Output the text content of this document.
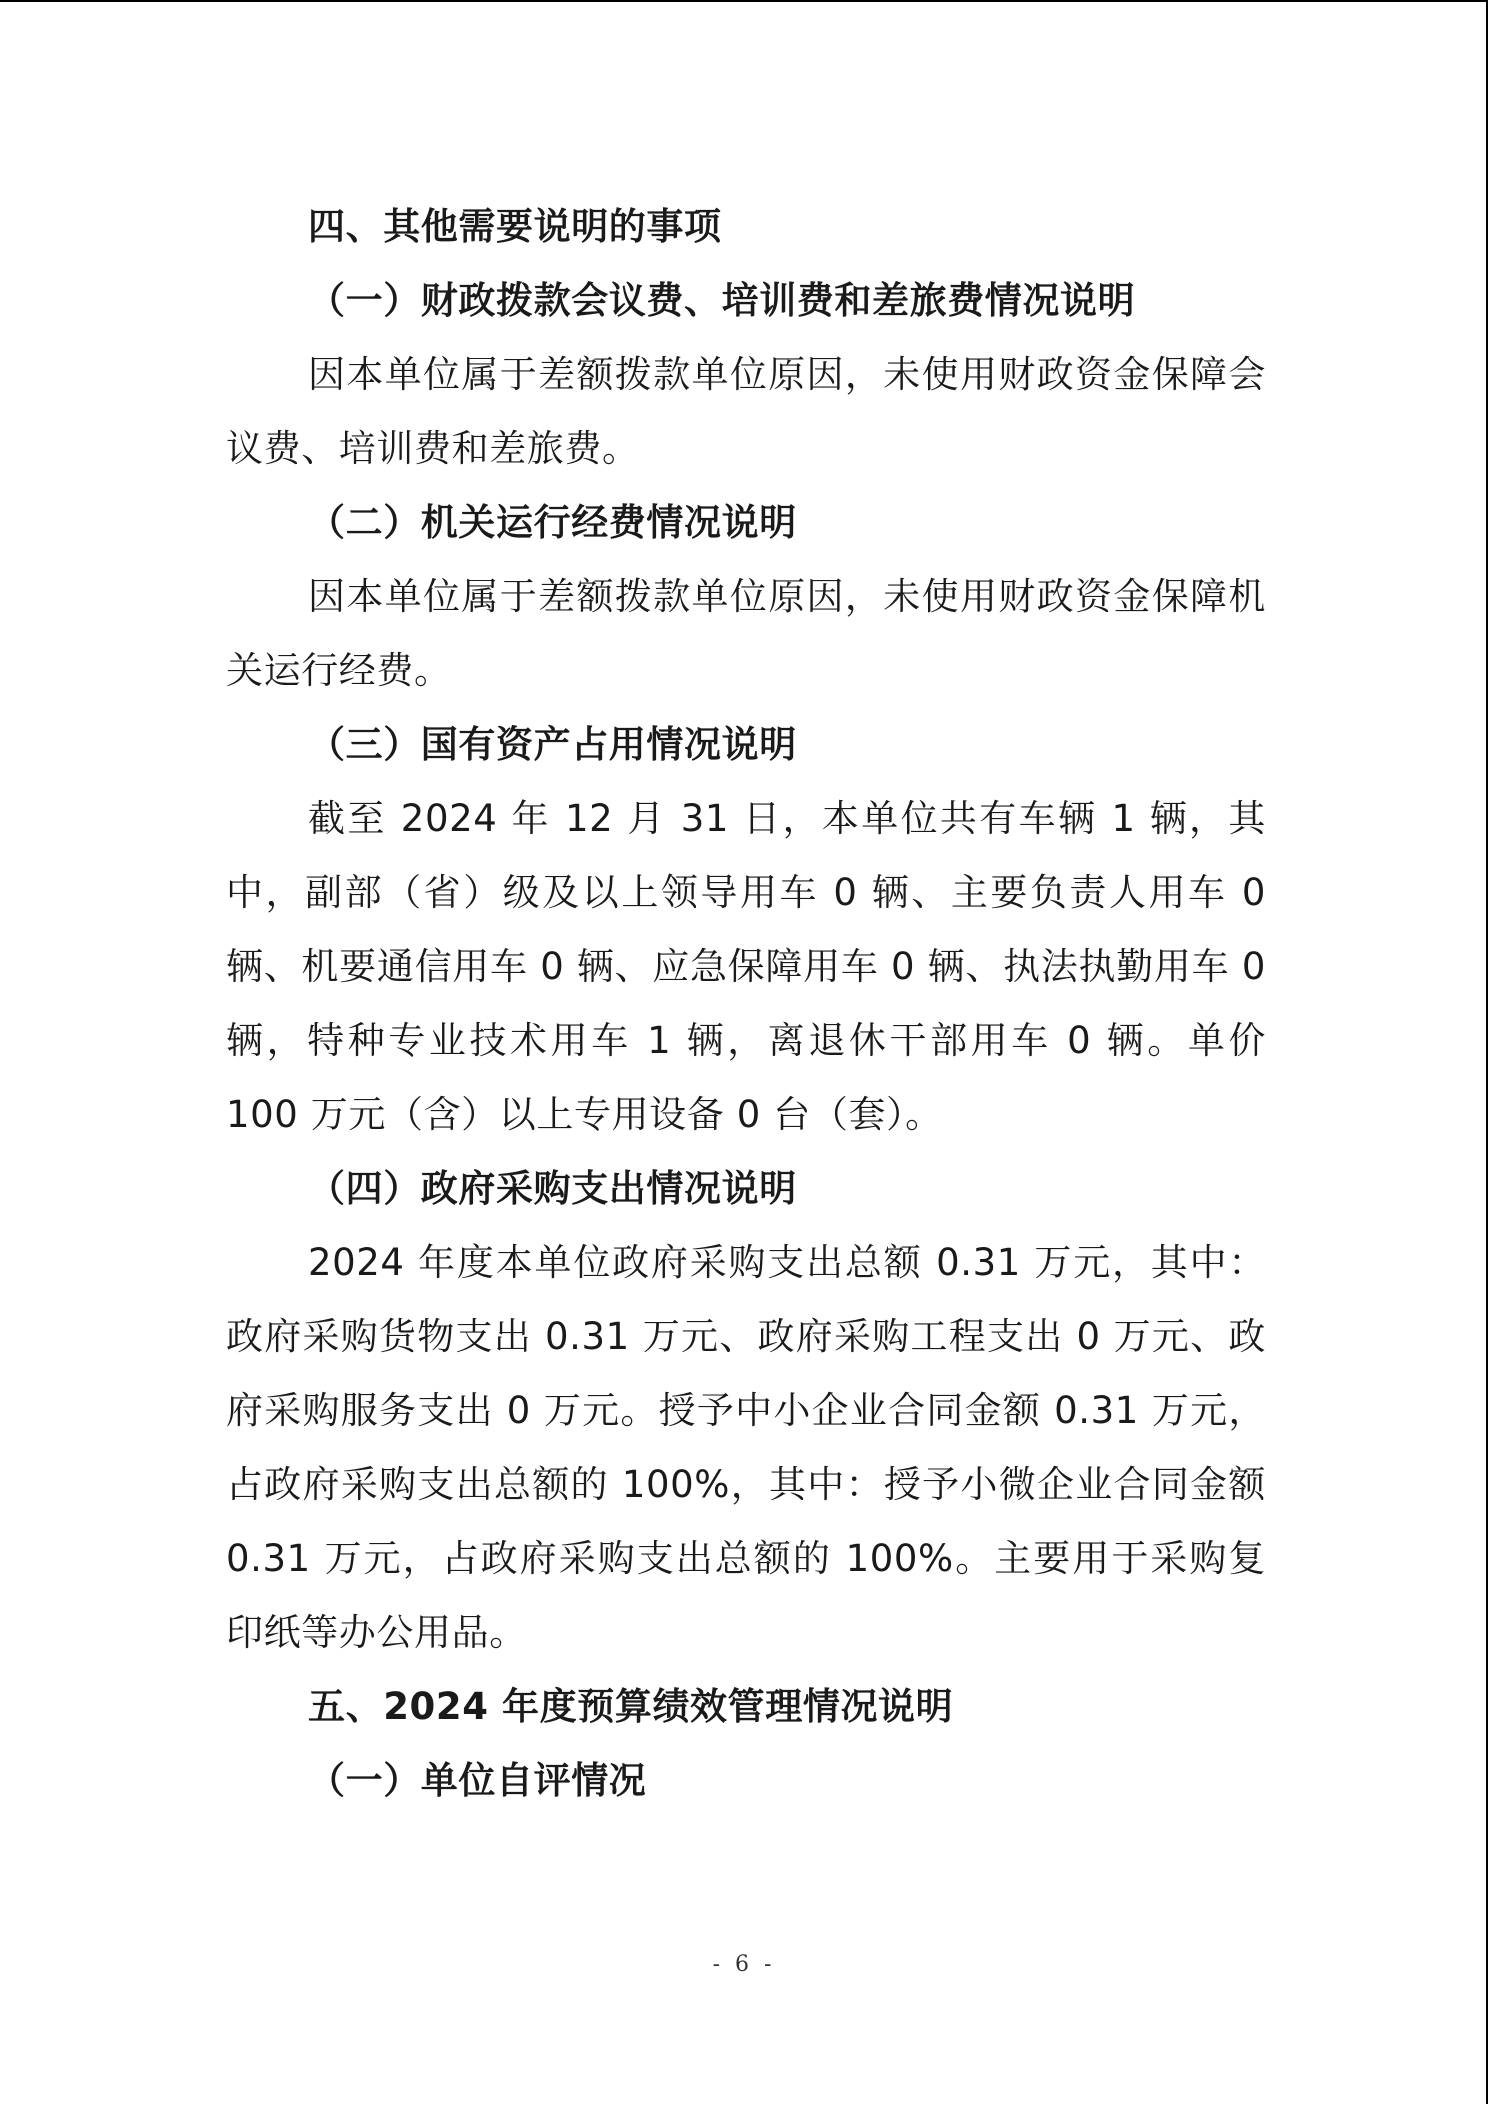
四、其他需要说明的事项

（一）财政拨款会议费、培训费和差旅费情况说明

因本单位属于差额拨款单位原因，未使用财政资金保障会议费、培训费和差旅费。

（二）机关运行经费情况说明

因本单位属于差额拨款单位原因，未使用财政资金保障机关运行经费。

（三）国有资产占用情况说明

截至 2024 年 12 月 31 日，本单位共有车辆 1 辆，其中，副部（省）级及以上领导用车 0 辆、主要负责人用车 0 辆、机要通信用车 0 辆、应急保障用车 0 辆、执法执勤用车 0 辆，特种专业技术用车 1 辆，离退休干部用车 0 辆。单价 100 万元（含）以上专用设备 0 台（套）。

（四）政府采购支出情况说明

2024 年度本单位政府采购支出总额 0.31 万元，其中：政府采购货物支出 0.31 万元、政府采购工程支出 0 万元、政府采购服务支出 0 万元。授予中小企业合同金额 0.31 万元，占政府采购支出总额的 100%，其中：授予小微企业合同金额 0.31 万元，占政府采购支出总额的 100%。主要用于采购复印纸等办公用品。

五、2024 年度预算绩效管理情况说明

（一）单位自评情况

- 6 -
